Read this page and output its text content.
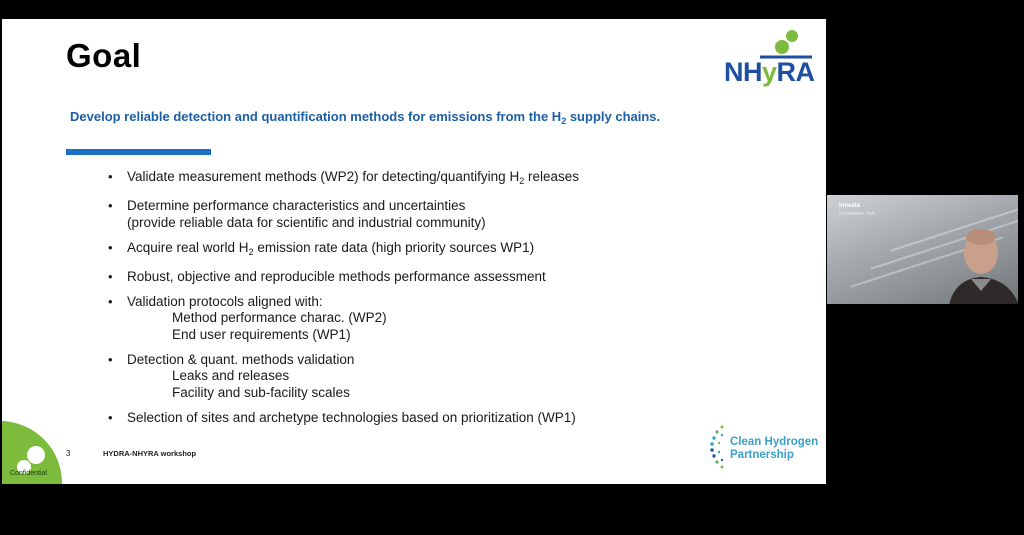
Goal	NHyRA
Develop reliable detection and quantification methods for emissions from the $H_2$ supply chains.
• Validate measurement methods (WP2) for detecting/quantifying $H_2$ releases
• Determine performance characteristics and uncertainties
(provide reliable data for scientific and industrial community)
• Acquire real world $H_2$ emission rate data (high priority sources WP1)
• Robust, objective and reproducible methods performance assessment
• Validation protocols aligned with:
Method performance charac. (WP2)
End user requirements (WP1)
• Detection & quant. methods validation
Leaks and releases
Facility and sub-facility scales
• Selection of sites and archetype technologies based on prioritization (WP1)
Confidential
3	HYDRA-NHYRA workshop
Clean Hydrogen
Partnership
innexta
innovation hub
